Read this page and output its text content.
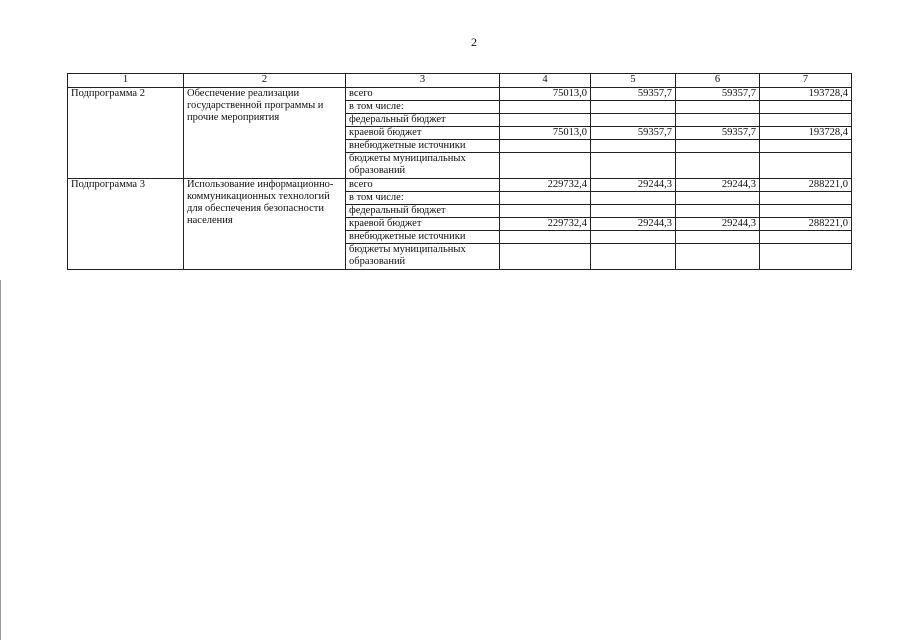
2
1	2	3	4	5	6	7
Подпрограмма 2	Обеспечение реализации государственной программы и прочие мероприятия	всего	75013,0	59357,7	59357,7	193728,4
		в том числе:				
		федеральный бюджет				
		краевой бюджет	75013,0	59357,7	59357,7	193728,4
		внебюджетные источники				
		бюджеты муниципальных образований				
Подпрограмма 3	Использование информационно-коммуникационных технологий для обеспечения безопасности населения	всего	229732,4	29244,3	29244,3	288221,0
		в том числе:				
		федеральный бюджет				
		краевой бюджет	229732,4	29244,3	29244,3	288221,0
		внебюджетные источники				
		бюджеты муниципальных образований				
